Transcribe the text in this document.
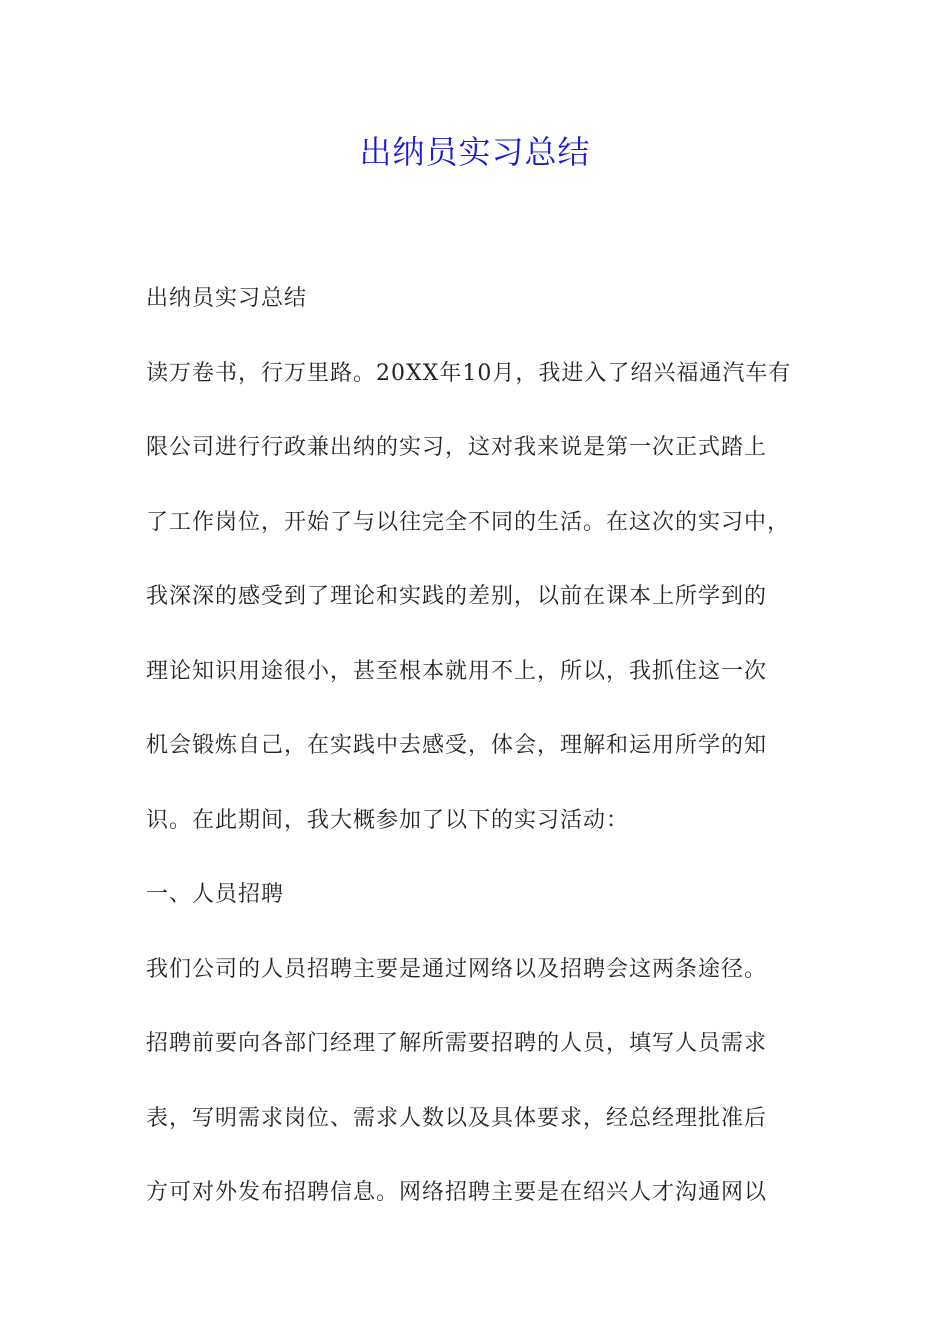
出纳员实习总结
出纳员实习总结
读万卷书，行万里路。20XX年10月，我进入了绍兴福通汽车有
限公司进行行政兼出纳的实习，这对我来说是第一次正式踏上
了工作岗位，开始了与以往完全不同的生活。在这次的实习中，
我深深的感受到了理论和实践的差别，以前在课本上所学到的
理论知识用途很小，甚至根本就用不上，所以，我抓住这一次
机会锻炼自己，在实践中去感受，体会，理解和运用所学的知
识。在此期间，我大概参加了以下的实习活动：
一、人员招聘
我们公司的人员招聘主要是通过网络以及招聘会这两条途径。
招聘前要向各部门经理了解所需要招聘的人员，填写人员需求
表，写明需求岗位、需求人数以及具体要求，经总经理批准后
方可对外发布招聘信息。网络招聘主要是在绍兴人才沟通网以
